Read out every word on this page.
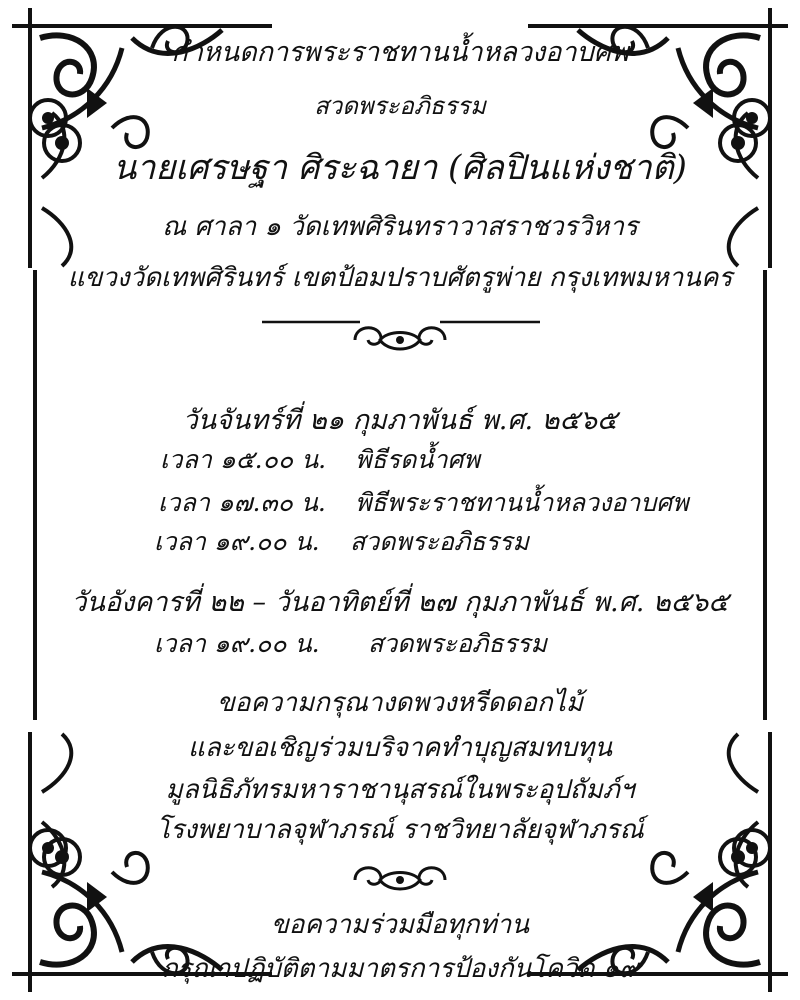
กำหนดการพระราชทานน้ำหลวงอาบศพ
สวดพระอภิธรรม
นายเศรษฐา ศิระฉายา (ศิลปินแห่งชาติ)
ณ ศาลา ๑ วัดเทพศิรินทราวาสราชวรวิหาร
แขวงวัดเทพศิรินทร์ เขตป้อมปราบศัตรูพ่าย กรุงเทพมหานคร
วันจันทร์ที่ ๒๑ กุมภาพันธ์ พ.ศ. ๒๕๖๕
เวลา ๑๕.๐๐ น. พิธีรดน้ำศพ
เวลา ๑๗.๓๐ น. พิธีพระราชทานน้ำหลวงอาบศพ
เวลา ๑๙.๐๐ น. สวดพระอภิธรรม
วันอังคารที่ ๒๒ – วันอาทิตย์ที่ ๒๗ กุมภาพันธ์ พ.ศ. ๒๕๖๕
เวลา ๑๙.๐๐ น. สวดพระอภิธรรม
ขอความกรุณางดพวงหรีดดอกไม้
และขอเชิญร่วมบริจาคทำบุญสมทบทุน
มูลนิธิภัทรมหาราชานุสรณ์ในพระอุปถัมภ์ฯ
โรงพยาบาลจุฬาภรณ์ ราชวิทยาลัยจุฬาภรณ์
ขอความร่วมมือทุกท่าน
กรุณาปฏิบัติตามมาตรการป้องกันโควิด ๑๙
